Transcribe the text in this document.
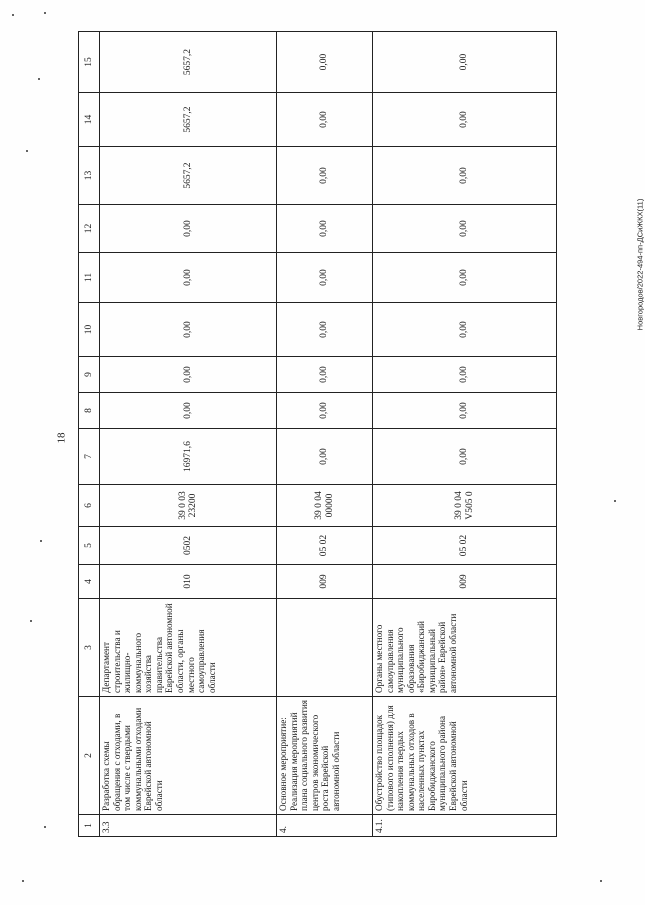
18
Новгородов/2022-494-пп-ДСиЖКХ(11)
1	2	3	4	5	6	7	8	9	10	11	12	13	14	15
3.3	Разработка схемы обращения с отходами, в том числе с твердыми коммунальными отходами Еврейской автономной области	Департамент строительства и жилищно-коммунального хозяйства правительства Еврейской автономной области, органы местного самоуправления области	010	0502	39 0 03 23200	16971,6	0,00	0,00	0,00	0,00	0,00	5657,2	5657,2	5657,2
4.	Основное мероприятие: Реализация мероприятий плана социального развития центров экономического роста Еврейской автономной области		009	05 02	39 0 04 00000	0,00	0,00	0,00	0,00	0,00	0,00	0,00	0,00	0,00
4.1.	Обустройство площадок (типового исполнения) для накопления твердых коммунальных отходов в населенных пунктах Биробиджанского муниципального района Еврейской автономной области	Органы местного самоуправления муниципального образования «Биробиджанский муниципальный район» Еврейской автономной области	009	05 02	39 0 04 V505 0	0,00	0,00	0,00	0,00	0,00	0,00	0,00	0,00	0,00
